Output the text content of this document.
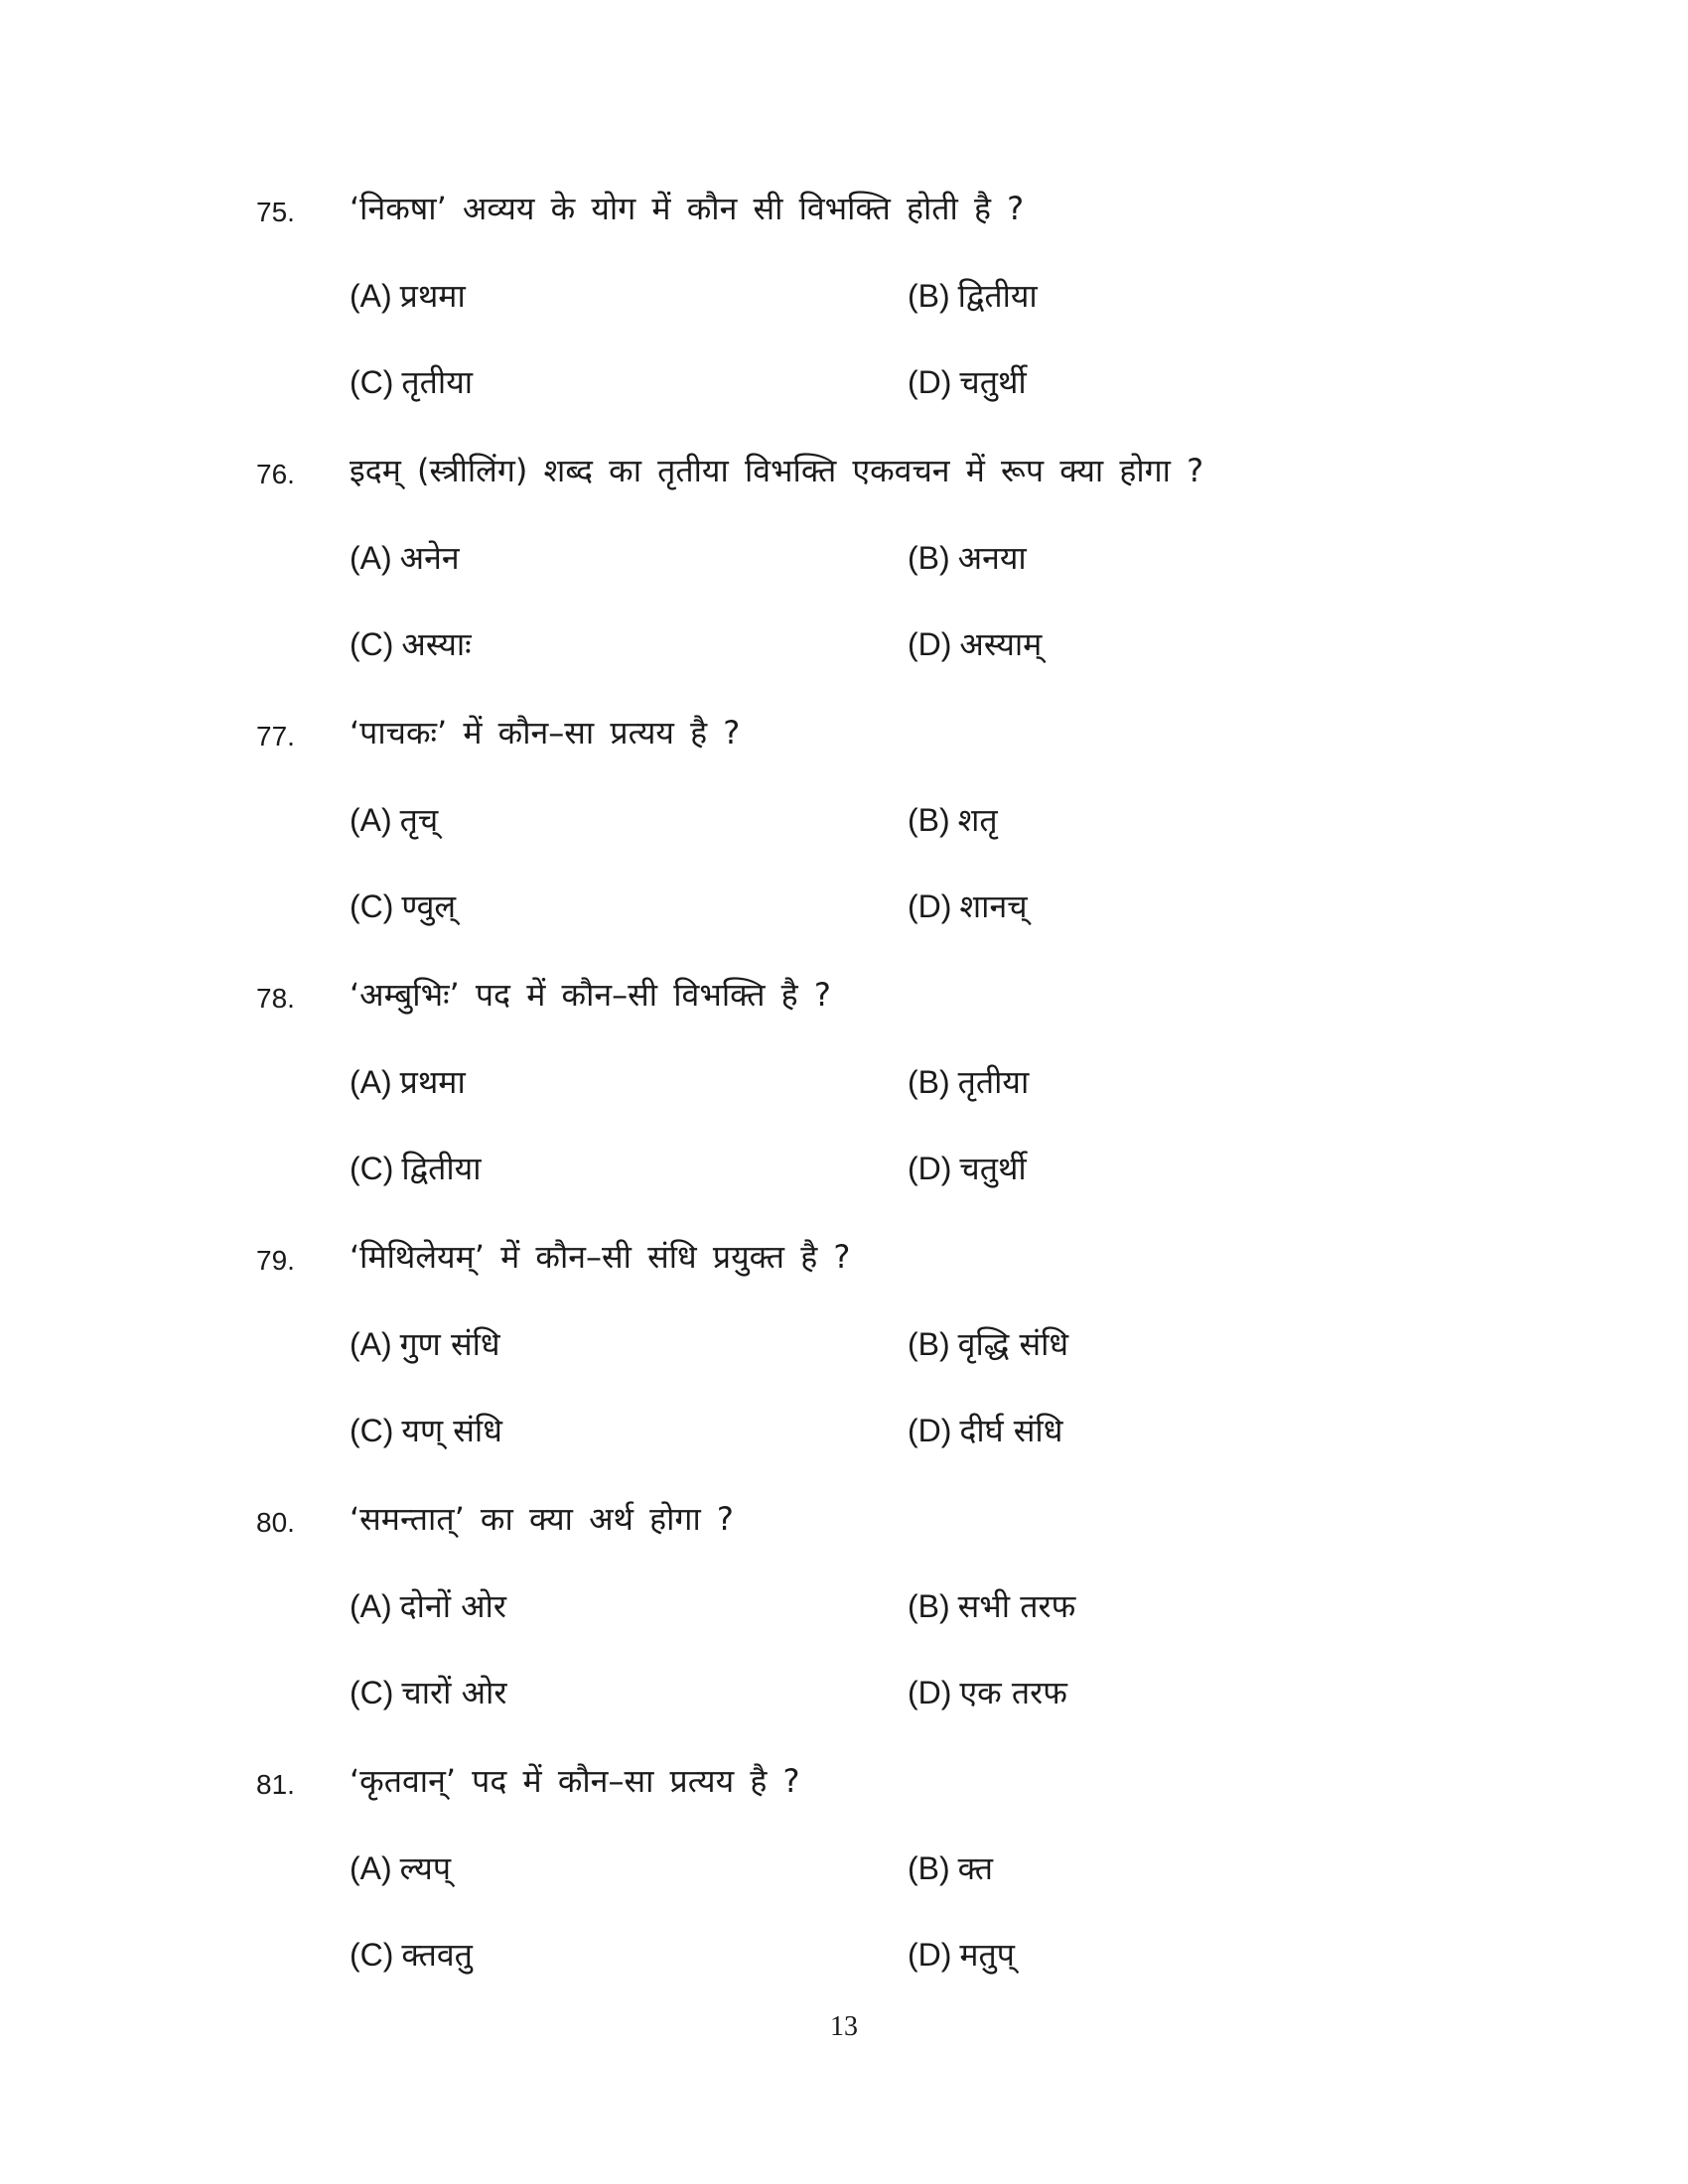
75. ‘निकषा’ अव्यय के योग में कौन सी विभक्ति होती है ?
(A) प्रथमा	(B) द्वितीया
(C) तृतीया	(D) चतुर्थी
76. इदम् (स्त्रीलिंग) शब्द का तृतीया विभक्ति एकवचन में रूप क्या होगा ?
(A) अनेन	(B) अनया
(C) अस्याः	(D) अस्याम्
77. ‘पाचकः’ में कौन–सा प्रत्यय है ?
(A) तृच्	(B) शतृ
(C) ण्वुल्	(D) शानच्
78. ‘अम्बुभिः’ पद में कौन–सी विभक्ति है ?
(A) प्रथमा	(B) तृतीया
(C) द्वितीया	(D) चतुर्थी
79. ‘मिथिलेयम्’ में कौन–सी संधि प्रयुक्त है ?
(A) गुण संधि	(B) वृद्धि संधि
(C) यण् संधि	(D) दीर्घ संधि
80. ‘समन्तात्’ का क्या अर्थ होगा ?
(A) दोनों ओर	(B) सभी तरफ
(C) चारों ओर	(D) एक तरफ
81. ‘कृतवान्’ पद में कौन–सा प्रत्यय है ?
(A) ल्यप्	(B) क्त
(C) क्तवतु	(D) मतुप्
13
